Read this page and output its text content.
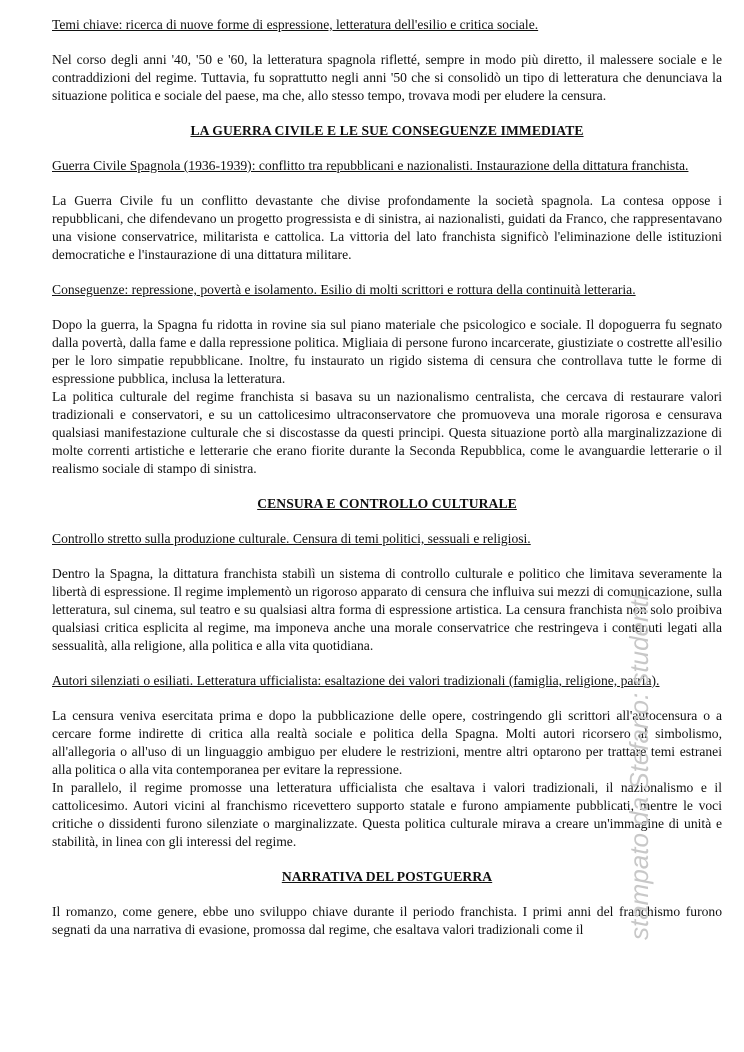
Temi chiave: ricerca di nuove forme di espressione, letteratura dell'esilio e critica sociale.

Nel corso degli anni '40, '50 e '60, la letteratura spagnola rifletté, sempre in modo più diretto, il malessere sociale e le contraddizioni del regime. Tuttavia, fu soprattutto negli anni '50 che si consolidò un tipo di letteratura che denunciava la situazione politica e sociale del paese, ma che, allo stesso tempo, trovava modi per eludere la censura.

LA GUERRA CIVILE E LE SUE CONSEGUENZE IMMEDIATE

Guerra Civile Spagnola (1936-1939): conflitto tra repubblicani e nazionalisti. Instaurazione della dittatura franchista.

La Guerra Civile fu un conflitto devastante che divise profondamente la società spagnola. La contesa oppose i repubblicani, che difendevano un progetto progressista e di sinistra, ai nazionalisti, guidati da Franco, che rappresentavano una visione conservatrice, militarista e cattolica. La vittoria del lato franchista significò l'eliminazione delle istituzioni democratiche e l'instaurazione di una dittatura militare.

Conseguenze: repressione, povertà e isolamento. Esilio di molti scrittori e rottura della continuità letteraria.

Dopo la guerra, la Spagna fu ridotta in rovine sia sul piano materiale che psicologico e sociale. Il dopoguerra fu segnato dalla povertà, dalla fame e dalla repressione politica. Migliaia di persone furono incarcerate, giustiziate o costrette all'esilio per le loro simpatie repubblicane. Inoltre, fu instaurato un rigido sistema di censura che controllava tutte le forme di espressione pubblica, inclusa la letteratura.

La politica culturale del regime franchista si basava su un nazionalismo centralista, che cercava di restaurare valori tradizionali e conservatori, e su un cattolicesimo ultraconservatore che promuoveva una morale rigorosa e censurava qualsiasi manifestazione culturale che si discostasse da questi principi. Questa situazione portò alla marginalizzazione di molte correnti artistiche e letterarie che erano fiorite durante la Seconda Repubblica, come le avanguardie letterarie o il realismo sociale di stampo di sinistra.

CENSURA E CONTROLLO CULTURALE

Controllo stretto sulla produzione culturale. Censura di temi politici, sessuali e religiosi.

Dentro la Spagna, la dittatura franchista stabilì un sistema di controllo culturale e politico che limitava severamente la libertà di espressione. Il regime implementò un rigoroso apparato di censura che influiva sui mezzi di comunicazione, sulla letteratura, sul cinema, sul teatro e su qualsiasi altra forma di espressione artistica. La censura franchista non solo proibiva qualsiasi critica esplicita al regime, ma imponeva anche una morale conservatrice che restringeva i contenuti legati alla sessualità, alla religione, alla politica e alla vita quotidiana.

Autori silenziati o esiliati. Letteratura ufficialista: esaltazione dei valori tradizionali (famiglia, religione, patria).

La censura veniva esercitata prima e dopo la pubblicazione delle opere, costringendo gli scrittori all'autocensura o a cercare forme indirette di critica alla realtà sociale e politica della Spagna. Molti autori ricorsero al simbolismo, all'allegoria o all'uso di un linguaggio ambiguo per eludere le restrizioni, mentre altri optarono per trattare temi estranei alla politica o alla vita contemporanea per evitare la repressione.

In parallelo, il regime promosse una letteratura ufficialista che esaltava i valori tradizionali, il nazionalismo e il cattolicesimo. Autori vicini al franchismo ricevettero supporto statale e furono ampiamente pubblicati, mentre le voci critiche o dissidenti furono silenziate o marginalizzate. Questa politica culturale mirava a creare un'immagine di unità e stabilità, in linea con gli interessi del regime.

NARRATIVA DEL POSTGUERRA

Il romanzo, come genere, ebbe uno sviluppo chiave durante il periodo franchista. I primi anni del franchismo furono segnati da una narrativa di evasione, promossa dal regime, che esaltava valori tradizionali come il	stampato da Stefano: studenti
